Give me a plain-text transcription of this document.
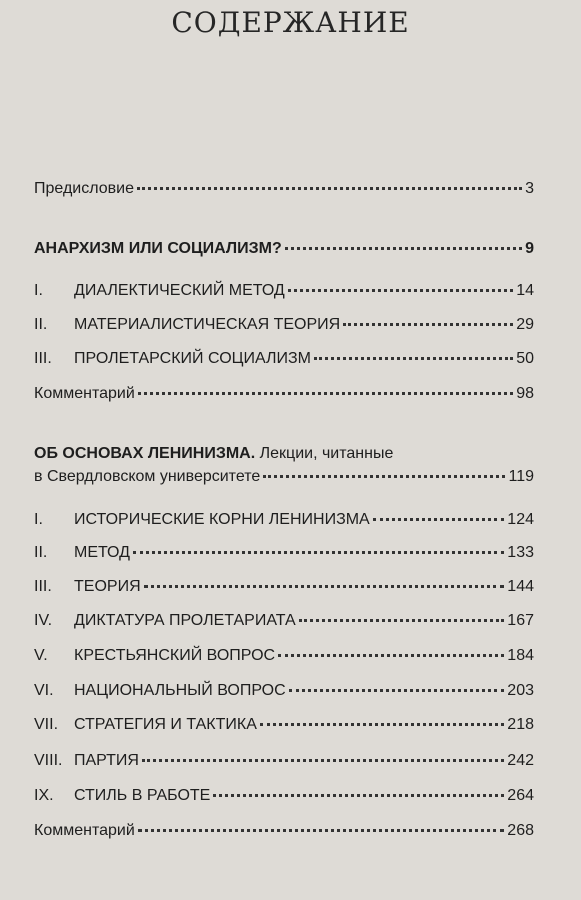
СОДЕРЖАНИЕ
Предисловие	3
АНАРХИЗМ ИЛИ СОЦИАЛИЗМ?	9
I.	ДИАЛЕКТИЧЕСКИЙ МЕТОД	14
II.	МАТЕРИАЛИСТИЧЕСКАЯ ТЕОРИЯ	29
III.	ПРОЛЕТАРСКИЙ СОЦИАЛИЗМ	50
Комментарий	98
ОБ ОСНОВАХ ЛЕНИНИЗМА. Лекции, читанные
в Свердловском университете	119
I.	ИСТОРИЧЕСКИЕ КОРНИ ЛЕНИНИЗМА	124
II.	МЕТОД	133
III.	ТЕОРИЯ	144
IV.	ДИКТАТУРА ПРОЛЕТАРИАТА	167
V.	КРЕСТЬЯНСКИЙ ВОПРОС	184
VI.	НАЦИОНАЛЬНЫЙ ВОПРОС	203
VII. СТРАТЕГИЯ И ТАКТИКА	218
VIII. ПАРТИЯ	242
IX.	СТИЛЬ В РАБОТЕ	264
Комментарий	268
